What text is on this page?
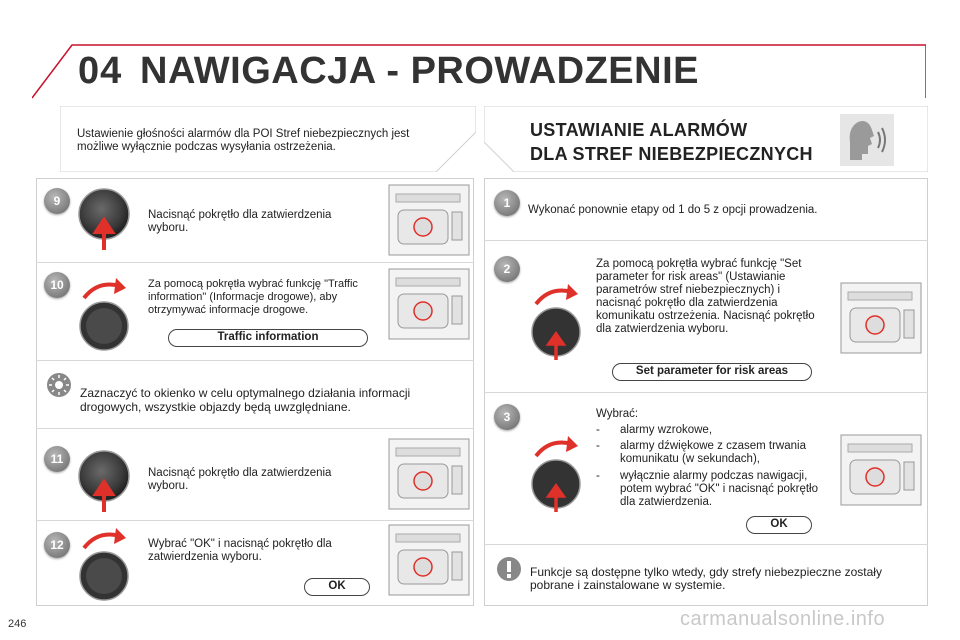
04 NAWIGACJA - PROWADZENIE
Ustawienie głośności alarmów dla POI Stref niebezpiecznych jest możliwe wyłącznie podczas wysyłania ostrzeżenia.
9
Nacisnąć pokrętło dla zatwierdzenia wyboru.
10	Za pomocą pokrętła wybrać funkcję "Traffic information" (Informacje drogowe), aby otrzymywać informacje drogowe.
Traffic information
Zaznaczyć to okienko w celu optymalnego działania informacji drogowych, wszystkie objazdy będą uwzględniane.
11
Nacisnąć pokrętło dla zatwierdzenia wyboru.
12	Wybrać "OK" i nacisnąć pokrętło dla zatwierdzenia wyboru.
OK
USTAWIANIE ALARMÓW
DLA STREF NIEBEZPIECZNYCH
1	Wykonać ponownie etapy od 1 do 5 z opcji prowadzenia.
2	Za pomocą pokrętła wybrać funkcję "Set parameter for risk areas" (Ustawianie parametrów stref niebezpiecznych) i nacisnąć pokrętło dla zatwierdzenia komunikatu ostrzeżenia. Nacisnąć pokrętło dla zatwierdzenia wyboru.
Set parameter for risk areas
3	Wybrać:
- alarmy wzrokowe,
- alarmy dźwiękowe z czasem trwania komunikatu (w sekundach),
- wyłącznie alarmy podczas nawigacji, potem wybrać "OK" i nacisnąć pokrętło dla zatwierdzenia.
OK
Funkcje są dostępne tylko wtedy, gdy strefy niebezpieczne zostały pobrane i zainstalowane w systemie.
246	carmanualsonline.info
